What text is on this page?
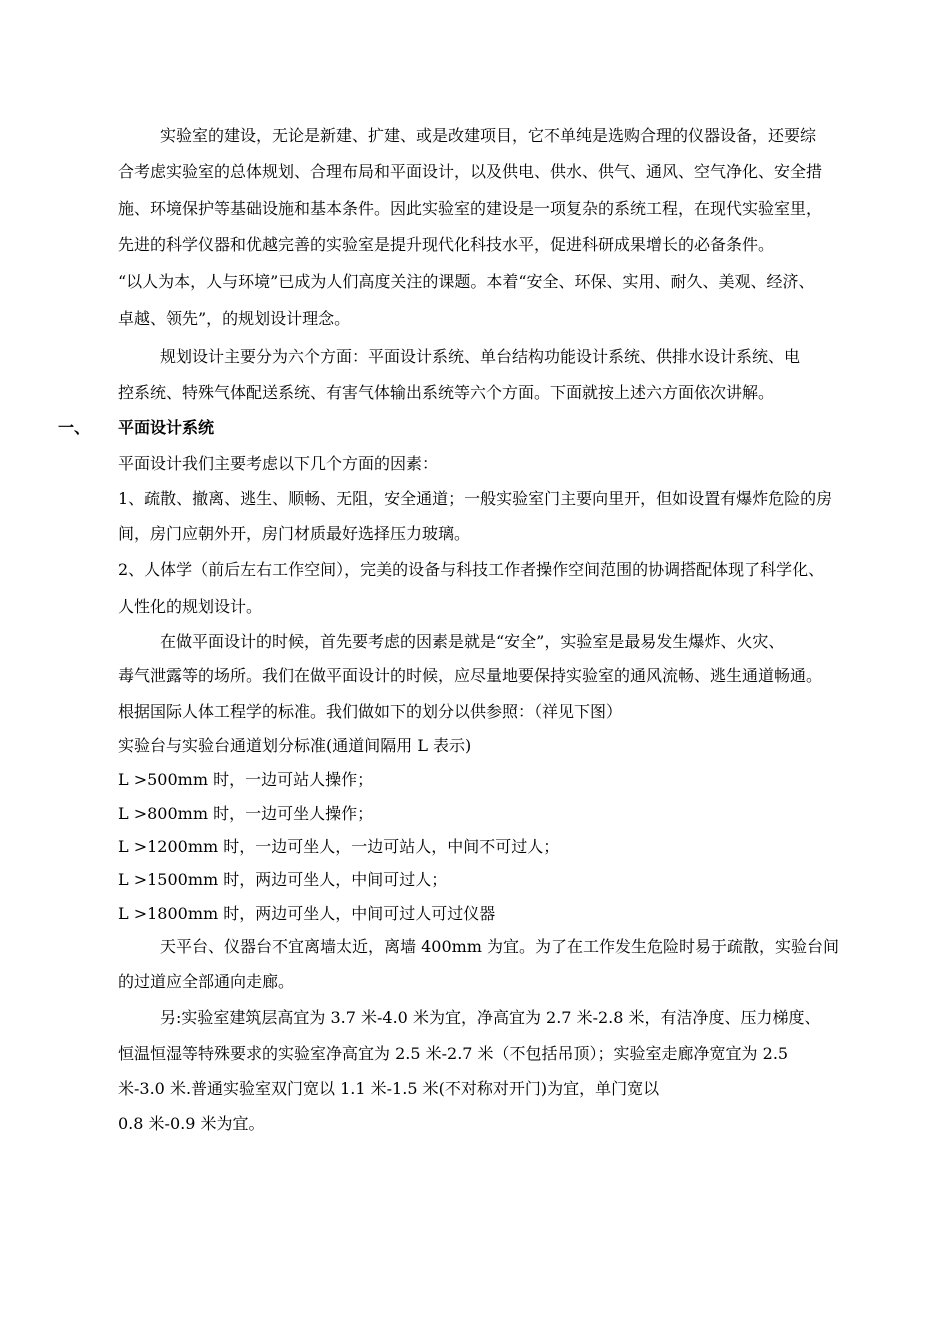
实验室的建设，无论是新建、扩建、或是改建项目，它不单纯是选购合理的仪器设备，还要综
合考虑实验室的总体规划、合理布局和平面设计，以及供电、供水、供气、通风、空气净化、安全措
施、环境保护等基础设施和基本条件。因此实验室的建设是一项复杂的系统工程，在现代实验室里，
先进的科学仪器和优越完善的实验室是提升现代化科技水平，促进科研成果增长的必备条件。
“以人为本，人与环境”已成为人们高度关注的课题。本着“安全、环保、实用、耐久、美观、经济、
卓越、领先”，的规划设计理念。
规划设计主要分为六个方面：平面设计系统、单台结构功能设计系统、供排水设计系统、电
控系统、特殊气体配送系统、有害气体输出系统等六个方面。下面就按上述六方面依次讲解。
一、 平面设计系统
平面设计我们主要考虑以下几个方面的因素：
1、疏散、撤离、逃生、顺畅、无阻，安全通道；一般实验室门主要向里开，但如设置有爆炸危险的房
间，房门应朝外开，房门材质最好选择压力玻璃。
2、人体学（前后左右工作空间），完美的设备与科技工作者操作空间范围的协调搭配体现了科学化、
人性化的规划设计。
在做平面设计的时候，首先要考虑的因素是就是“安全”，实验室是最易发生爆炸、火灾、
毒气泄露等的场所。我们在做平面设计的时候，应尽量地要保持实验室的通风流畅、逃生通道畅通。
根据国际人体工程学的标准。我们做如下的划分以供参照：（祥见下图）
实验台与实验台通道划分标准(通道间隔用 L 表示)
L >500mm 时，一边可站人操作；
L >800mm 时，一边可坐人操作；
L >1200mm 时，一边可坐人，一边可站人，中间不可过人；
L >1500mm 时，两边可坐人，中间可过人；
L >1800mm 时，两边可坐人，中间可过人可过仪器
天平台、仪器台不宜离墙太近，离墙 400mm 为宜。为了在工作发生危险时易于疏散，实验台间
的过道应全部通向走廊。
另:实验室建筑层高宜为 3.7 米-4.0 米为宜，净高宜为 2.7 米-2.8 米，有洁净度、压力梯度、
恒温恒湿等特殊要求的实验室净高宜为 2.5 米-2.7 米（不包括吊顶）；实验室走廊净宽宜为 2.5
米-3.0 米.普通实验室双门宽以 1.1 米-1.5 米(不对称对开门)为宜，单门宽以
0.8 米-0.9 米为宜。
